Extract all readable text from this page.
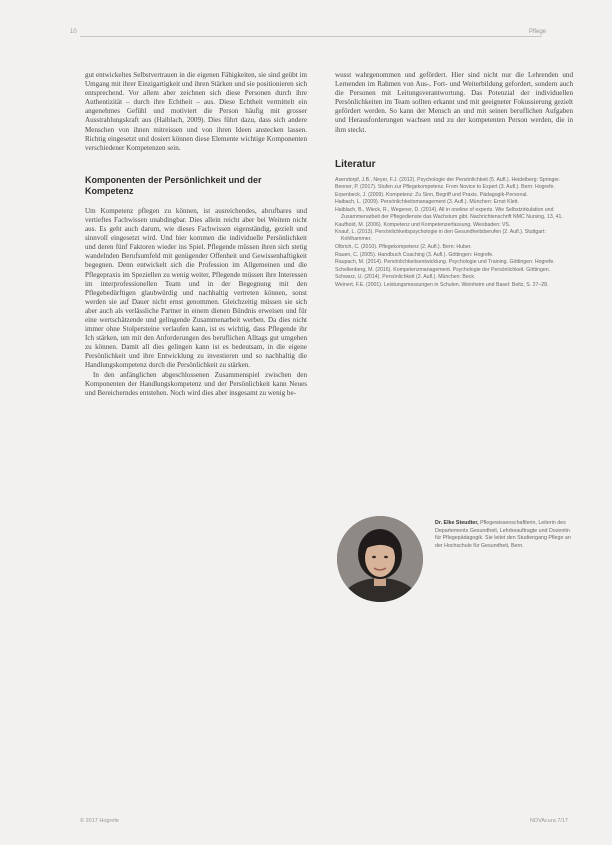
10	Pflege

gut entwickeltes Selbstvertrauen in die eigenen Fähigkeiten, sie sind geübt im Umgang mit ihrer Einzigartigkeit und ihren Stärken und sie positionieren sich entsprechend. Vor allem aber zeichnen sich diese Personen durch ihre Authentizität – durch ihre Echtheit – aus. Diese Echtheit vermittelt ein angenehmes Gefühl und motiviert die Person häufig mit grosser Ausstrahlungskraft aus (Haiblach, 2009). Dies führt dazu, dass sich andere Menschen von ihnen mitreissen und von ihren Ideen anstecken lassen. Richtig eingesetzt und dosiert können diese Elemente wichtige Komponenten verschiedener Kompetenzen sein.

Komponenten der Persönlichkeit und der Kompetenz

Um Kompetenz pflegen zu können, ist ausreichendes, abrufbares und vertieftes Fachwissen unabdingbar. Dies allein reicht aber bei Weitem nicht aus. Es geht auch darum, wie dieses Fachwissen eigenständig, gezielt und sinnvoll eingesetzt wird. Und hier kommen die individuelle Persönlichkeit und deren fünf Faktoren wieder ins Spiel. Pflegende müssen ihren sich stetig wandelnden Berufsumfeld mit genügender Offenheit und Gewissenhaftigkeit begegnen. Denn entwickelt sich die Profession im Allgemeinen und die Pflegepraxis im Speziellen zu wenig weiter, Pflegende müssen ihre Interessen im interprofessionellen Team und in der Begegnung mit den Pflegebedürftigen glaubwürdig und nachhaltig vertreten können, sonst werden sie auf Dauer nicht ernst genommen. Gleichzeitig müssen sie sich aber auch als verlässliche Partner in einem dienen Bündnis erweisen und für eine wertschätzende und gelingende Zusammenarbeit werben. Da dies nicht immer ohne Stolpersteine verlaufen kann, ist es wichtig, dass Pflegende ihr Ich stärken, um mit den Anforderungen des beruflichen Alltags gut umgehen zu können. Damit all dies gelingen kann ist es bedeutsam, in die eigene Persönlichkeit und ihre Entwicklung zu investieren und so nachhaltig die Handlungskompetenz durch die Persönlichkeit zu stärken.

In den anfänglichen abgeschlossenen Zusammenspiel zwischen den Komponenten der Handlungskompetenz und der Persönlichkeit kann Neues und Bereicherndes entstehen. Noch wird dies aber insgesamt zu wenig be-

wusst wahrgenommen und gefördert. Hier sind nicht nur die Lehrenden und Lernenden im Rahmen von Aus-, Fort- und Weiterbildung gefordert, sondern auch die Personen mit Leitungsverantwortung. Das Potenzial der individuellen Persönlichkeiten im Team sollten erkannt und mit geeigneter Fokussierung gezielt gefördert werden. So kann der Mensch an und mit seinen beruflichen Aufgaben und Herausforderungen wachsen und zu der kompetenten Person werden, die in ihm steckt.

Literatur
Asendorpf, J.B., Neyer, F.J. (2012). Psychologie der Persönlichkeit (5. Aufl.). Heidelberg: Springer.
Benner, P. (2017). Stufen zur Pflegekompetenz. From Novice to Expert (3. Aufl.). Bern: Hogrefe.
Erpenbeck, J. (2009). Kompetenz: Zu Sinn, Begriff und Praxis. Pädagogik-Personal.
Haibach, L. (2009). Persönlichkeitsmanagement (3. Aufl.). München: Ernst Klett.
Haiblach, B., Wieck, R., Wegener, D. (2014). All in oneline of experts. Wie Selbstzirkulation und Zusammenarbeit der Pflegedienste das Wachstum gibt. Nachrichtenschrift NMC Nursing, 13, 41.
Kaufhold, M. (2006). Kompetenz und Kompetenzerfassung. Wiesbaden: VS.
Knauf, L. (2013). Persönlichkeitspsychologie in den Gesundheitsberufen (2. Aufl.). Stuttgart: Kohlhammer.
Olbrich, C. (2010). Pflegekompetenz (2. Aufl.). Bern: Huber.
Rauen, C. (2005). Handbuch Coaching (3. Aufl.). Göttingen: Hogrefe.
Raupach, M. (2014). Persönlichkeitsentwicklung. Psychologie und Training. Göttingen: Hogrefe.
Schellenberg, M. (2016). Kompetenzmanagement. Psychologie der Persönlichkeit. Göttingen.
Schwarz, U. (2014). Persönlichkeit (2. Aufl.). München: Beck.
Weinert, F.E. (2001). Leistungsmessungen in Schulen. Weinheim und Basel: Beltz, S. 27–28.
Dr. Elke Steudter, Pflegewissenschaftlerin, Leiterin des Departements Gesundheit, Lehrbeauftragte und Dozentin für Pflegepädagogik. Sie leitet den Studiengang Pflege an der Hochschule für Gesundheit, Bern.
© 2017 Hogrefe	NOVAcura 7/17
